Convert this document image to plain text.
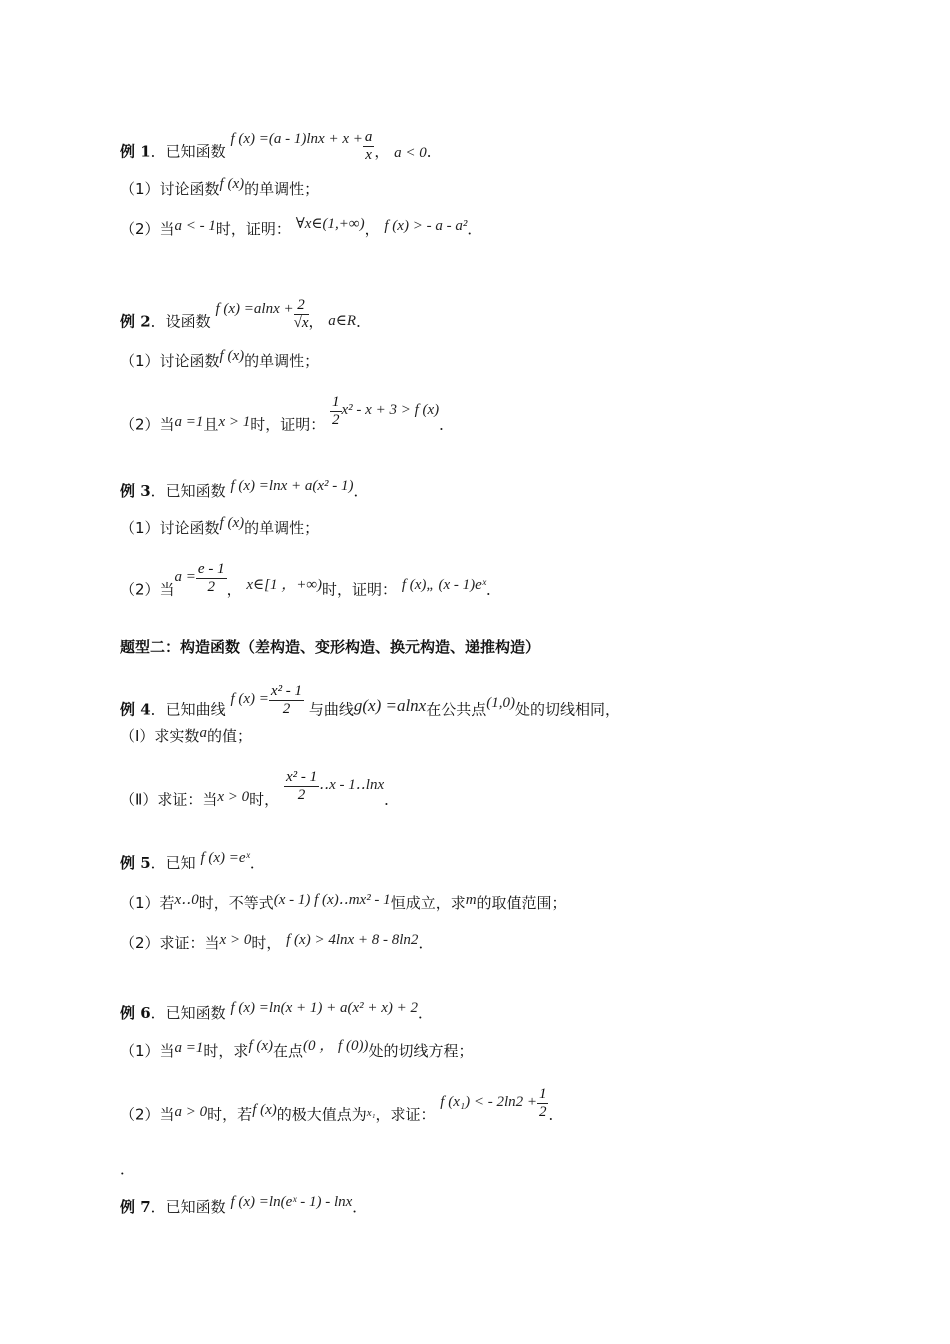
例 1．已知函数 f $(x) =(a - 1)\ln x + x + \frac{a}{x}$ ， a < 0．
（1）讨论函数f (x)的单调性；
（2）当a < - 1时，证明： ∀x∈(1,+∞)， f (x) > - a - a²．
例 2．设函数 f $(x) =alnx + \frac{2}{√x}$ ， a∈R．
（1）讨论函数f (x)的单调性；
（2）当a =1且x > 1时，证明： $\frac{1}{2} x^2 - x + 3 > f$ (x)．
例 3．已知函数 f (x) =lnx + a(x² - 1)．
（1）讨论函数f (x)的单调性；
（2）当$a = \frac{e - 1}{2}$ ， x∈[1 ，+∞)时，证明： f (x)„ (x - 1)eˣ．
题型二：构造函数（差构造、变形构造、换元构造、递推构造）
例 4．已知曲线 f $(x) = \frac{\text{x² - 1}}{2}$ 与曲线g(x) =alnx在公共点(1,0)处的切线相同，
（Ⅰ）求实数a的值；
（Ⅱ）求证：当x > 0时， $\frac{\text{x² - 1}}{2}$ ‥x - 1‥lnx．
例 5．已知 f (x) =eˣ．
（1）若x‥0时，不等式(x - 1) f (x)‥mx² - 1恒成立，求m的取值范围；
（2）求证：当x > 0时， f (x) > 4lnx + 8 - 8ln2．
例 6．已知函数 f (x) =ln(x + 1) + a(x² + x) + 2．
（1）当a =1时，求f (x)在点(0 ， f (0))处的切线方程；
（2）当a > 0时，若f (x)的极大值点为x₁，求证： f (x₁) < - $2\ln 2 + \frac{1}{2}$ ．
．
例 7．已知函数 f (x) =ln(eˣ - 1) - lnx．
